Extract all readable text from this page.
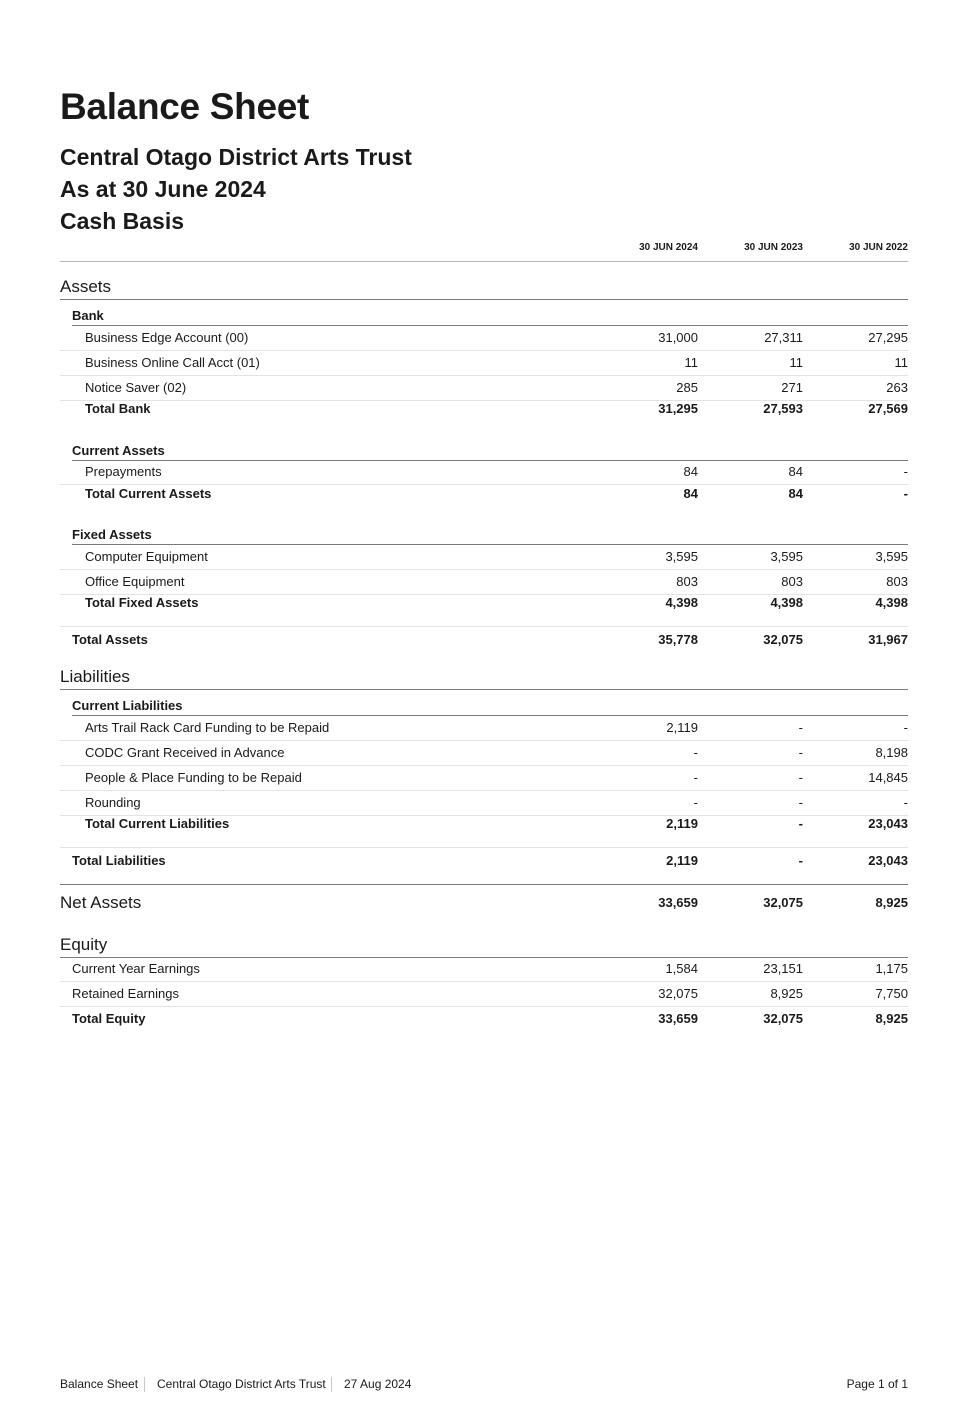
Balance Sheet
Central Otago District Arts Trust
As at 30 June 2024
Cash Basis
30 JUN 2024	30 JUN 2023	30 JUN 2022
Assets
Bank
Business Edge Account (00)	31,000	27,311	27,295
Business Online Call Acct (01)	11	11	11
Notice Saver (02)	285	271	263
Total Bank	31,295	27,593	27,569
Current Assets
Prepayments	84	84	-
Total Current Assets	84	84	-
Fixed Assets
Computer Equipment	3,595	3,595	3,595
Office Equipment	803	803	803
Total Fixed Assets	4,398	4,398	4,398
Total Assets	35,778	32,075	31,967
Liabilities
Current Liabilities
Arts Trail Rack Card Funding to be Repaid	2,119	-	-
CODC Grant Received in Advance	-	-	8,198
People & Place Funding to be Repaid	-	-	14,845
Rounding	-	-	-
Total Current Liabilities	2,119	-	23,043
Total Liabilities	2,119	-	23,043
Net Assets	33,659	32,075	8,925
Equity
Current Year Earnings	1,584	23,151	1,175
Retained Earnings	32,075	8,925	7,750
Total Equity	33,659	32,075	8,925
Balance Sheet Central Otago District Arts Trust 27 Aug 2024	Page 1 of 1
